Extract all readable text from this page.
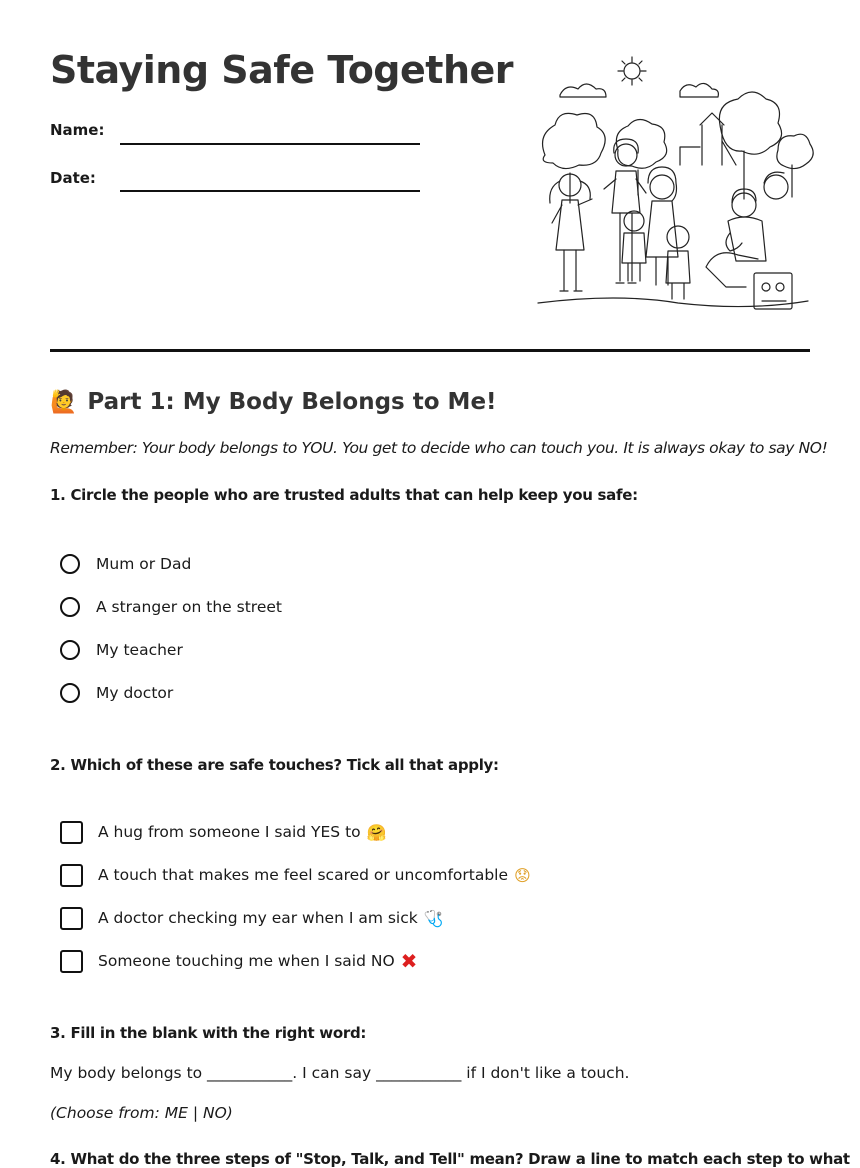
Staying Safe Together
Name:
Date:
🙋 Part 1: My Body Belongs to Me!

Remember: Your body belongs to YOU. You get to decide who can touch you. It is always okay to say NO!

1. Circle the people who are trusted adults that can help keep you safe:

Mum or Dad
A stranger on the street
My teacher
My doctor

2. Which of these are safe touches? Tick all that apply:

A hug from someone I said YES to 🤗
A touch that makes me feel scared or uncomfortable 😟
A doctor checking my ear when I am sick 🩺
Someone touching me when I said NO ✖

3. Fill in the blank with the right word:

My body belongs to ___________. I can say ___________ if I don't like a touch.

(Choose from: ME | NO)

4. What do the three steps of "Stop, Talk, and Tell" mean? Draw a line to match each step to what
